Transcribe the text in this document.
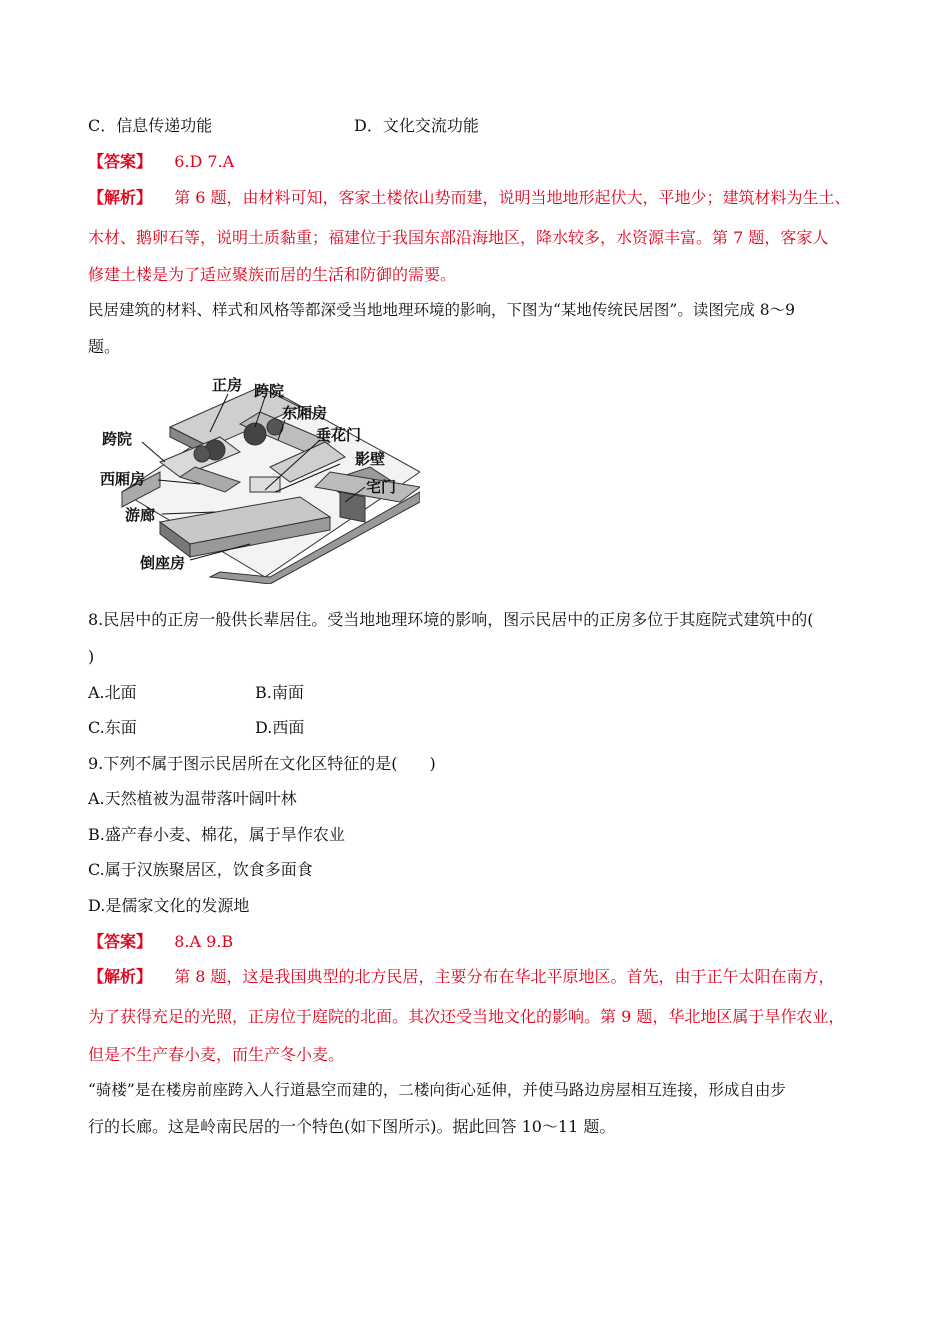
C．信息传递功能	D．文化交流功能
【答案】 6.D 7.A
【解析】 第 6 题，由材料可知，客家土楼依山势而建，说明当地地形起伏大，平地少；建筑材料为生土、
木材、鹅卵石等，说明土质黏重；福建位于我国东部沿海地区，降水较多，水资源丰富。第 7 题，客家人
修建土楼是为了适应聚族而居的生活和防御的需要。
民居建筑的材料、样式和风格等都深受当地地理环境的影响，下图为“某地传统民居图”。读图完成 8～9
题。
正房 跨院
东厢房
垂花门
跨院
影壁
西厢房	宅门
游廊
倒座房
8.民居中的正房一般供长辈居住。受当地地理环境的影响，图示民居中的正房多位于其庭院式建筑中的(
)
A.北面	B.南面
C.东面	D.西面
9.下列不属于图示民居所在文化区特征的是(　　)
A.天然植被为温带落叶阔叶林
B.盛产春小麦、棉花，属于旱作农业
C.属于汉族聚居区，饮食多面食
D.是儒家文化的发源地
【答案】 8.A 9.B
【解析】 第 8 题，这是我国典型的北方民居，主要分布在华北平原地区。首先，由于正午太阳在南方，
为了获得充足的光照，正房位于庭院的北面。其次还受当地文化的影响。第 9 题，华北地区属于旱作农业，
但是不生产春小麦，而生产冬小麦。
“骑楼”是在楼房前座跨入人行道悬空而建的，二楼向街心延伸，并使马路边房屋相互连接，形成自由步
行的长廊。这是岭南民居的一个特色(如下图所示)。据此回答 10～11 题。
